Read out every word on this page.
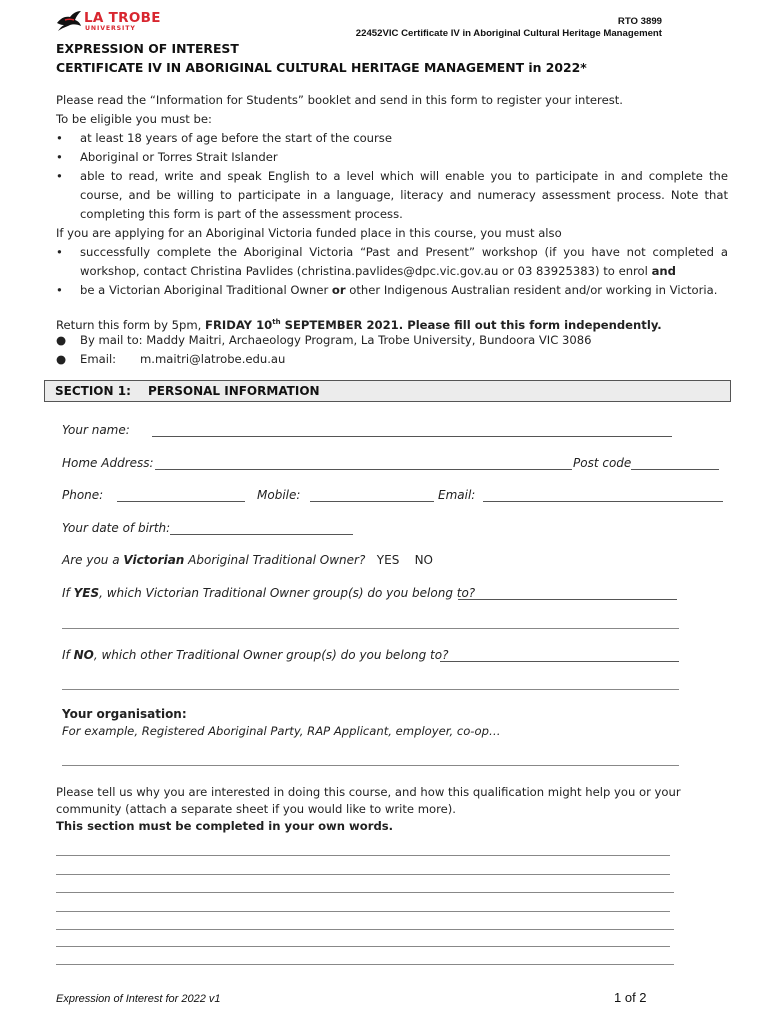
LA TROBE
UNIVERSITY
RTO 3899
22452VIC Certificate IV in Aboriginal Cultural Heritage Management
EXPRESSION OF INTEREST
CERTIFICATE IV IN ABORIGINAL CULTURAL HERITAGE MANAGEMENT in 2022*
Please read the “Information for Students” booklet and send in this form to register your interest.
To be eligible you must be:
• at least 18 years of age before the start of the course
• Aboriginal or Torres Strait Islander
• able to read, write and speak English to a level which will enable you to participate in and complete the course, and be willing to participate in a language, literacy and numeracy assessment process. Note that completing this form is part of the assessment process.
If you are applying for an Aboriginal Victoria funded place in this course, you must also
• successfully complete the Aboriginal Victoria “Past and Present” workshop (if you have not completed a workshop, contact Christina Pavlides (christina.pavlides@dpc.vic.gov.au or 03 83925383) to enrol and
• be a Victorian Aboriginal Traditional Owner or other Indigenous Australian resident and/or working in Victoria.
Return this form by 5pm, FRIDAY 10th SEPTEMBER 2021. Please fill out this form independently.
● By mail to: Maddy Maitri, Archaeology Program, La Trobe University, Bundoora VIC 3086
● Email: m.maitri@latrobe.edu.au
SECTION 1: PERSONAL INFORMATION
Your name:
Home Address:	Post code
Phone:	Mobile:	Email:
Your date of birth:
Are you a Victorian Aboriginal Traditional Owner? YES NO
If YES, which Victorian Traditional Owner group(s) do you belong to?
If NO, which other Traditional Owner group(s) do you belong to?
Your organisation:
For example, Registered Aboriginal Party, RAP Applicant, employer, co-op…
Please tell us why you are interested in doing this course, and how this qualification might help you or your
community (attach a separate sheet if you would like to write more).
This section must be completed in your own words.
Expression of Interest for 2022 v1	1 of 2
